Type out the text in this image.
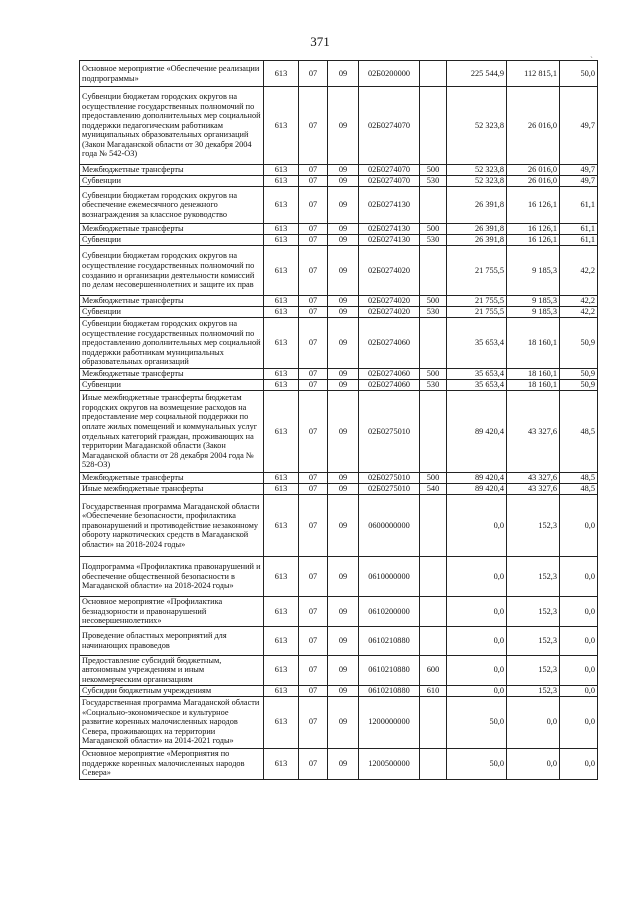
371
Основное мероприятие «Обеспечение реализации подпрограммы»	613	07	09	02Б0200000		225 544,9	112 815,1	50,0
Субвенции бюджетам городских округов на осуществление государственных полномочий по предоставлению дополнительных мер социальной поддержки педагогическим работникам муниципальных образовательных организаций (Закон Магаданской области от 30 декабря 2004 года № 542-ОЗ)	613	07	09	02Б0274070		52 323,8	26 016,0	49,7
Межбюджетные трансферты	613	07	09	02Б0274070	500	52 323,8	26 016,0	49,7
Субвенции	613	07	09	02Б0274070	530	52 323,8	26 016,0	49,7
Субвенции бюджетам городских округов на обеспечение ежемесячного денежного вознаграждения за классное руководство	613	07	09	02Б0274130		26 391,8	16 126,1	61,1
Межбюджетные трансферты	613	07	09	02Б0274130	500	26 391,8	16 126,1	61,1
Субвенции	613	07	09	02Б0274130	530	26 391,8	16 126,1	61,1
Субвенции бюджетам городских округов на осуществление государственных полномочий по созданию и организации деятельности комиссий по делам несовершеннолетних и защите их прав	613	07	09	02Б0274020		21 755,5	9 185,3	42,2
Межбюджетные трансферты	613	07	09	02Б0274020	500	21 755,5	9 185,3	42,2
Субвенции	613	07	09	02Б0274020	530	21 755,5	9 185,3	42,2
Субвенции бюджетам городских округов на осуществление государственных полномочий по предоставлению дополнительных мер социальной поддержки работникам муниципальных образовательных организаций	613	07	09	02Б0274060		35 653,4	18 160,1	50,9
Межбюджетные трансферты	613	07	09	02Б0274060	500	35 653,4	18 160,1	50,9
Субвенции	613	07	09	02Б0274060	530	35 653,4	18 160,1	50,9
Иные межбюджетные трансферты бюджетам городских округов на возмещение расходов на предоставление мер социальной поддержки по оплате жилых помещений и коммунальных услуг отдельных категорий граждан, проживающих на территории Магаданской области (Закон Магаданской области от 28 декабря 2004 года № 528-ОЗ)	613	07	09	02Б0275010		89 420,4	43 327,6	48,5
Межбюджетные трансферты	613	07	09	02Б0275010	500	89 420,4	43 327,6	48,5
Иные межбюджетные трансферты	613	07	09	02Б0275010	540	89 420,4	43 327,6	48,5
Государственная программа Магаданской области «Обеспечение безопасности, профилактика правонарушений и противодействие незаконному обороту наркотических средств в Магаданской области» на 2018-2024 годы»	613	07	09	0600000000		0,0	152,3	0,0
Подпрограмма «Профилактика правонарушений и обеспечение общественной безопасности в Магаданской области» на 2018-2024 годы»	613	07	09	0610000000		0,0	152,3	0,0
Основное мероприятие «Профилактика безнадзорности и правонарушений несовершеннолетних»	613	07	09	0610200000		0,0	152,3	0,0
Проведение областных мероприятий для начинающих правоведов	613	07	09	0610210880		0,0	152,3	0,0
Предоставление субсидий бюджетным, автономным учреждениям и иным некоммерческим организациям	613	07	09	0610210880	600	0,0	152,3	0,0
Субсидии бюджетным учреждениям	613	07	09	0610210880	610	0,0	152,3	0,0
Государственная программа Магаданской области «Социально-экономическое и культурное развитие коренных малочисленных народов Севера, проживающих на территории Магаданской области» на 2014-2021 годы»	613	07	09	1200000000		50,0	0,0	0,0
Основное мероприятие «Мероприятия по поддержке коренных малочисленных народов Севера»	613	07	09	1200500000		50,0	0,0	0,0
ˎ
